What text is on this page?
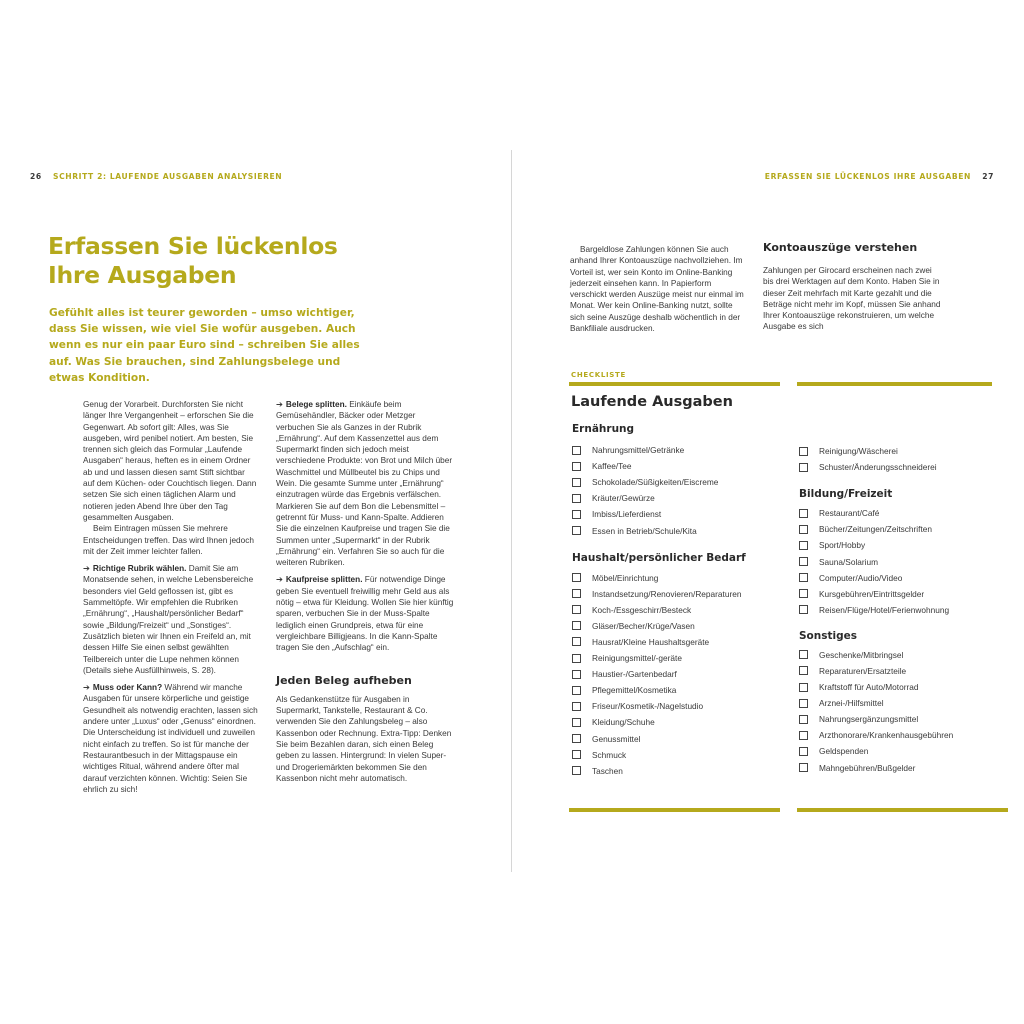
26 SCHRITT 2: LAUFENDE AUSGABEN ANALYSIEREN	ERFASSEN SIE LÜCKENLOS IHRE AUSGABEN 27
Erfassen Sie lückenlos
Ihre Ausgaben
Gefühlt alles ist teurer geworden – umso wichtiger, dass Sie wissen, wie viel Sie wofür ausgeben. Auch wenn es nur ein paar Euro sind – schreiben Sie alles auf. Was Sie brauchen, sind Zahlungsbelege und etwas Kondition.

Genug der Vorarbeit. Durchforsten Sie nicht länger Ihre Vergangenheit – erforschen Sie die Gegenwart. Ab sofort gilt: Alles, was Sie ausgeben, wird penibel notiert. Am besten, Sie trennen sich gleich das Formular „Laufende Ausgaben“ heraus, heften es in einem Ordner ab und und lassen diesen samt Stift sichtbar auf dem Küchen- oder Couchtisch liegen. Dann setzen Sie sich einen täglichen Alarm und notieren jeden Abend Ihre über den Tag gesammelten Ausgaben.

Beim Eintragen müssen Sie mehrere Entscheidungen treffen. Das wird Ihnen jedoch mit der Zeit immer leichter fallen.

➔ Richtige Rubrik wählen. Damit Sie am Monatsende sehen, in welche Lebensbereiche besonders viel Geld geflossen ist, gibt es Sammeltöpfe. Wir empfehlen die Rubriken „Ernährung“, „Haushalt/persönlicher Bedarf“ sowie „Bildung/Freizeit“ und „Sonstiges“. Zusätzlich bieten wir Ihnen ein Freifeld an, mit dessen Hilfe Sie einen selbst gewählten Teilbereich unter die Lupe nehmen können (Details siehe Ausfüllhinweis, S. 28).

➔ Muss oder Kann? Während wir manche Ausgaben für unsere körperliche und geistige Gesundheit als notwendig erachten, lassen sich andere unter „Luxus“ oder „Genuss“ einordnen. Die Unterscheidung ist individuell und zuweilen nicht einfach zu treffen. So ist für manche der Restaurantbesuch in der Mittagspause ein wichtiges Ritual, während andere öfter mal darauf verzichten können. Wichtig: Seien Sie ehrlich zu sich!

➔ Belege splitten. Einkäufe beim Gemüsehändler, Bäcker oder Metzger verbuchen Sie als Ganzes in der Rubrik „Ernährung“. Auf dem Kassenzettel aus dem Supermarkt finden sich jedoch meist verschiedene Produkte: von Brot und Milch über Waschmittel und Müllbeutel bis zu Chips und Wein. Die gesamte Summe unter „Ernährung“ einzutragen würde das Ergebnis verfälschen. Markieren Sie auf dem Bon die Lebensmittel – getrennt für Muss- und Kann-Spalte. Addieren Sie die einzelnen Kaufpreise und tragen Sie die Summen unter „Supermarkt“ in der Rubrik „Ernährung“ ein. Verfahren Sie so auch für die weiteren Rubriken.

➔ Kaufpreise splitten. Für notwendige Dinge geben Sie eventuell freiwillig mehr Geld aus als nötig – etwa für Kleidung. Wollen Sie hier künftig sparen, verbuchen Sie in der Muss-Spalte lediglich einen Grundpreis, etwa für eine vergleichbare Billigjeans. In die Kann-Spalte tragen Sie den „Aufschlag“ ein.

Jeden Beleg aufheben

Als Gedankenstütze für Ausgaben in Supermarkt, Tankstelle, Restaurant & Co. verwenden Sie den Zahlungsbeleg – also Kassenbon oder Rechnung. Extra-Tipp: Denken Sie beim Bezahlen daran, sich einen Beleg geben zu lassen. Hintergrund: In vielen Super- und Drogeriemärkten bekommen Sie den Kassenbon nicht mehr automatisch.

Bargeldlose Zahlungen können Sie auch anhand Ihrer Kontoauszüge nachvollziehen. Im Vorteil ist, wer sein Konto im Online-Banking jederzeit einsehen kann. In Papierform verschickt werden Auszüge meist nur einmal im Monat. Wer kein Online-Banking nutzt, sollte sich seine Auszüge deshalb wöchentlich in der Bankfiliale ausdrucken.

Kontoauszüge verstehen
Zahlungen per Girocard erscheinen nach zwei bis drei Werktagen auf dem Konto. Haben Sie in dieser Zeit mehrfach mit Karte gezahlt und die Beträge nicht mehr im Kopf, müssen Sie anhand Ihrer Kontoauszüge rekonstruieren, um welche Ausgabe es sich
CHECKLISTE
Laufende Ausgaben
Ernährung
Nahrungsmittel/Getränke
Kaffee/Tee
Schokolade/Süßigkeiten/Eiscreme
Kräuter/Gewürze
Imbiss/Lieferdienst
Essen in Betrieb/Schule/Kita
Haushalt/persönlicher Bedarf
Möbel/Einrichtung
Instandsetzung/Renovieren/Reparaturen
Koch-/Essgeschirr/Besteck
Gläser/Becher/Krüge/Vasen
Hausrat/Kleine Haushaltsgeräte
Reinigungsmittel/-geräte
Haustier-/Gartenbedarf
Pflegemittel/Kosmetika
Friseur/Kosmetik-/Nagelstudio
Kleidung/Schuhe
Genussmittel
Schmuck
Taschen
Reinigung/Wäscherei
Schuster/Änderungsschneiderei
Bildung/Freizeit
Restaurant/Café
Bücher/Zeitungen/Zeitschriften
Sport/Hobby
Sauna/Solarium
Computer/Audio/Video
Kursgebühren/Eintrittsgelder
Reisen/Flüge/Hotel/Ferienwohnung
Sonstiges
Geschenke/Mitbringsel
Reparaturen/Ersatzteile
Kraftstoff für Auto/Motorrad
Arznei-/Hilfsmittel
Nahrungsergänzungsmittel
Arzthonorare/Krankenhausgebühren
Geldspenden
Mahngebühren/Bußgelder
